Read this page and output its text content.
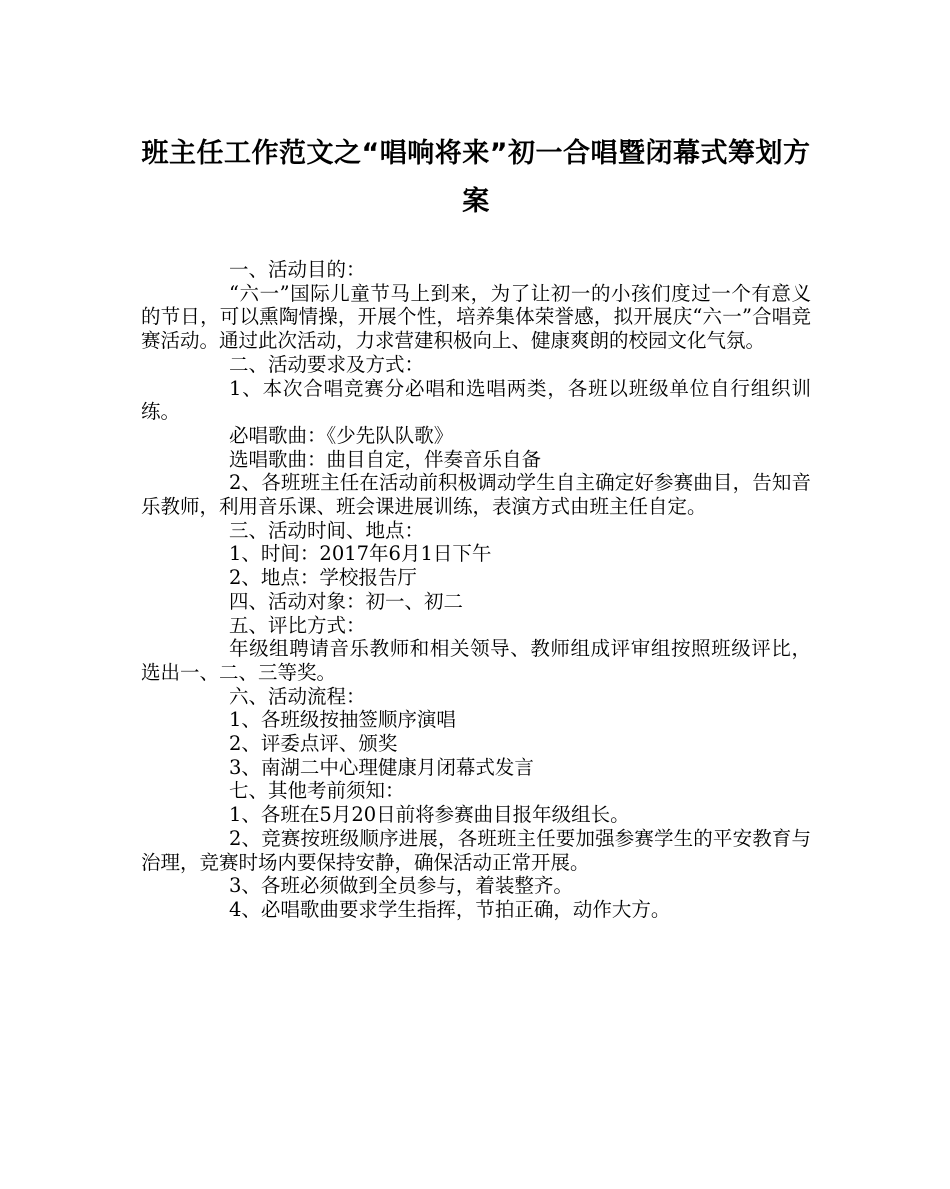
班主任工作范文之“唱响将来”初一合唱暨闭幕式筹划方案

一、活动目的：

“六一”国际儿童节马上到来，为了让初一的小孩们度过一个有意义的节日，可以熏陶情操，开展个性，培养集体荣誉感，拟开展庆“六一”合唱竞赛活动。通过此次活动，力求营建积极向上、健康爽朗的校园文化气氛。

二、活动要求及方式：

1、本次合唱竞赛分必唱和选唱两类，各班以班级单位自行组织训练。

必唱歌曲：《少先队队歌》

选唱歌曲：曲目自定，伴奏音乐自备

2、各班班主任在活动前积极调动学生自主确定好参赛曲目，告知音乐教师，利用音乐课、班会课进展训练，表演方式由班主任自定。

三、活动时间、地点：

1、时间：2017年6月1日下午

2、地点：学校报告厅

四、活动对象：初一、初二

五、评比方式：

年级组聘请音乐教师和相关领导、教师组成评审组按照班级评比，选出一、二、三等奖。

六、活动流程：

1、各班级按抽签顺序演唱

2、评委点评、颁奖

3、南湖二中心理健康月闭幕式发言

七、其他考前须知：

1、各班在5月20日前将参赛曲目报年级组长。

2、竞赛按班级顺序进展，各班班主任要加强参赛学生的平安教育与治理，竞赛时场内要保持安静，确保活动正常开展。

3、各班必须做到全员参与，着装整齐。

4、必唱歌曲要求学生指挥，节拍正确，动作大方。
